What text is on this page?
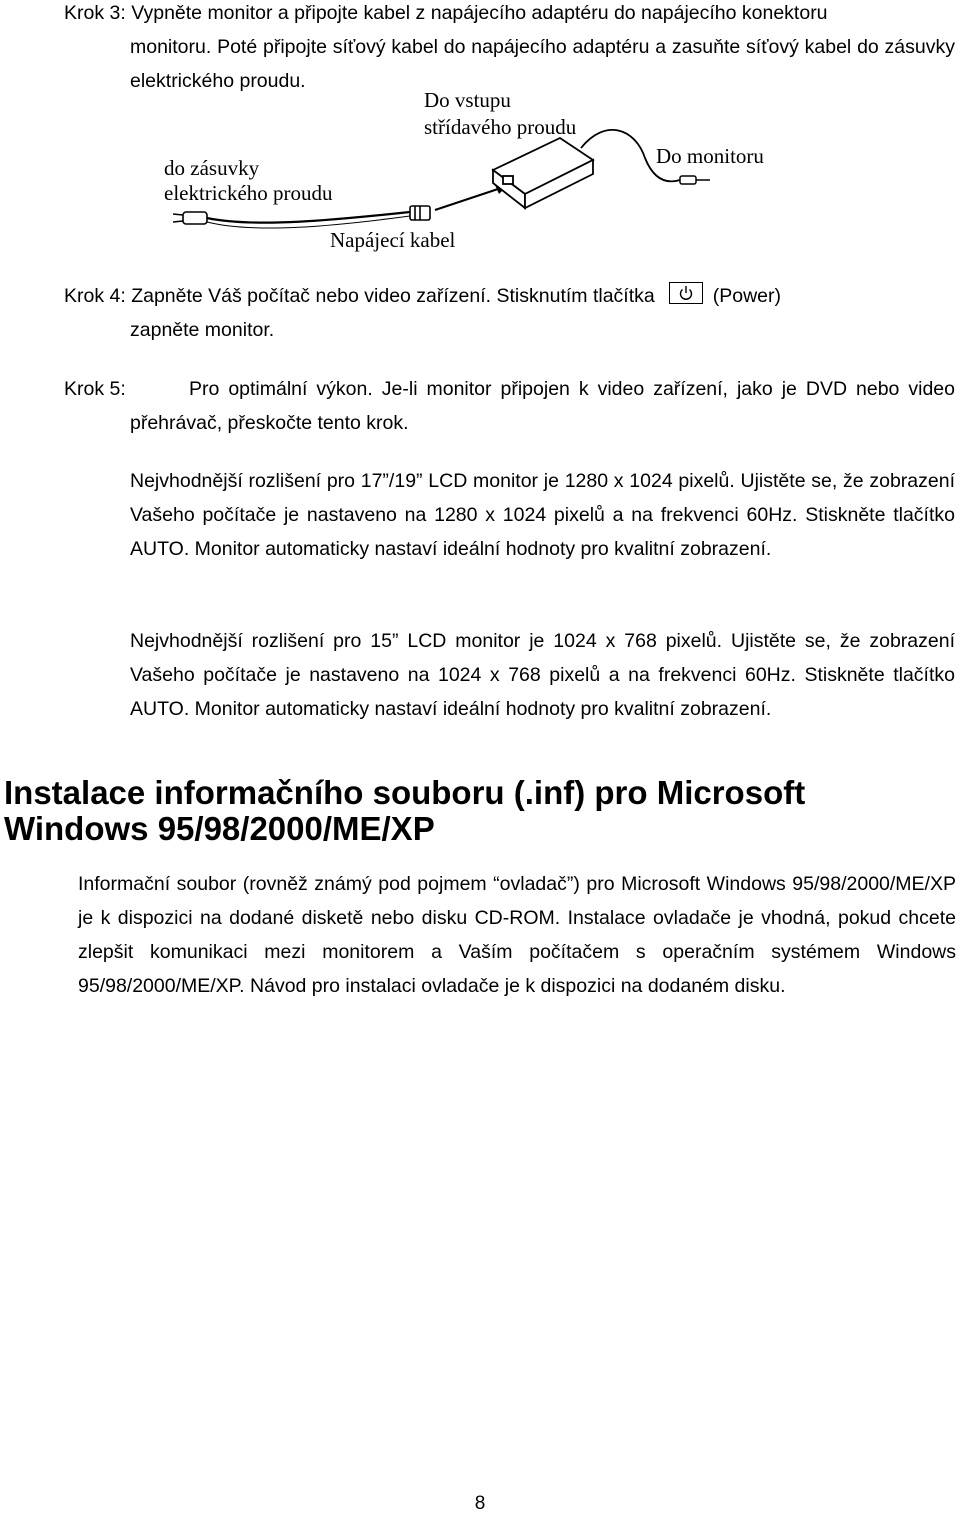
Krok 3: Vypněte monitor a připojte kabel z napájecího adaptéru do napájecího konektoru

monitoru. Poté připojte síťový kabel do napájecího adaptéru a zasuňte síťový kabel do zásuvky elektrického proudu.

Do vstupu
střídavého proudu
do zásuvky
elektrického proudu
Do monitoru
Napájecí kabel

Krok 4: Zapněte Váš počítač nebo video zařízení. Stisknutím tlačítka	(Power)

zapněte monitor.

Krok 5:	Pro optimální výkon. Je-li monitor připojen k video zařízení, jako je DVD nebo video přehrávač, přeskočte tento krok.

Nejvhodnější rozlišení pro 17”/19” LCD monitor je 1280 x 1024 pixelů. Ujistěte se, že zobrazení Vašeho počítače je nastaveno na 1280 x 1024 pixelů a na frekvenci 60Hz. Stiskněte tlačítko AUTO. Monitor automaticky nastaví ideální hodnoty pro kvalitní zobrazení.

Nejvhodnější rozlišení pro 15” LCD monitor je 1024 x 768 pixelů. Ujistěte se, že zobrazení Vašeho počítače je nastaveno na 1024 x 768 pixelů a na frekvenci 60Hz. Stiskněte tlačítko AUTO. Monitor automaticky nastaví ideální hodnoty pro kvalitní zobrazení.

Instalace informačního souboru (.inf) pro Microsoft Windows 95/98/2000/ME/XP

Informační soubor (rovněž známý pod pojmem “ovladač”) pro Microsoft Windows 95/98/2000/ME/XP je k dispozici na dodané disketě nebo disku CD-ROM. Instalace ovladače je vhodná, pokud chcete zlepšit komunikaci mezi monitorem a Vaším počítačem s operačním systémem Windows 95/98/2000/ME/XP. Návod pro instalaci ovladače je k dispozici na dodaném disku.

8
